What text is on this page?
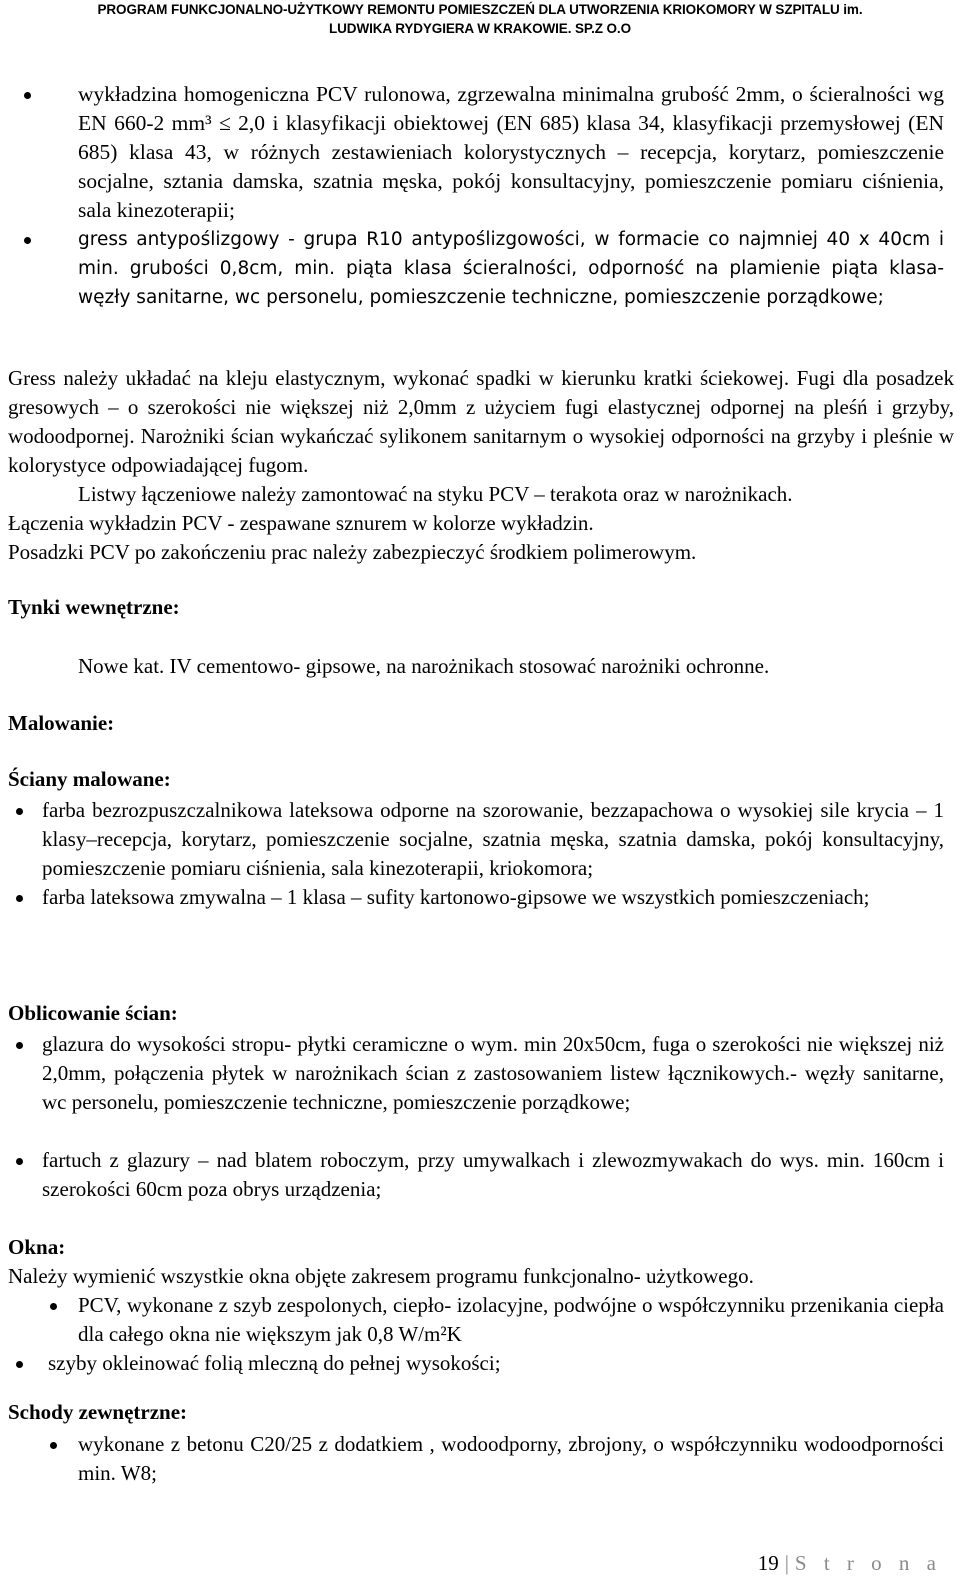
PROGRAM FUNKCJONALNO-UŻYTKOWY REMONTU POMIESZCZEŃ DLA UTWORZENIA KRIOKOMORY W SZPITALU im.
LUDWIKA RYDYGIERA W KRAKOWIE. SP.Z O.O
wykładzina homogeniczna PCV rulonowa, zgrzewalna minimalna grubość 2mm, o ścieralności wg EN 660-2 mm³ ≤ 2,0 i klasyfikacji obiektowej (EN 685) klasa 34, klasyfikacji przemysłowej (EN 685) klasa 43, w różnych zestawieniach kolorystycznych – recepcja, korytarz, pomieszczenie socjalne, sztania damska, szatnia męska, pokój konsultacyjny, pomieszczenie pomiaru ciśnienia, sala kinezoterapii;
gress antypoślizgowy - grupa R10 antypoślizgowości, w formacie co najmniej 40 x 40cm i min. grubości 0,8cm, min. piąta klasa ścieralności, odporność na plamienie piąta klasa- węzły sanitarne, wc personelu, pomieszczenie techniczne, pomieszczenie porządkowe;

Gress należy układać na kleju elastycznym, wykonać spadki w kierunku kratki ściekowej. Fugi dla posadzek gresowych – o szerokości nie większej niż 2,0mm z użyciem fugi elastycznej odpornej na pleśń i grzyby, wodoodpornej. Narożniki ścian wykańczać sylikonem sanitarnym o wysokiej odporności na grzyby i pleśnie w kolorystyce odpowiadającej fugom.

Listwy łączeniowe należy zamontować na styku PCV – terakota oraz w narożnikach.

Łączenia wykładzin PCV - zespawane sznurem w kolorze wykładzin.

Posadzki PCV po zakończeniu prac należy zabezpieczyć środkiem polimerowym.

Tynki wewnętrzne:
Nowe kat. IV cementowo- gipsowe, na narożnikach stosować narożniki ochronne.
Malowanie:
Ściany malowane:
farba bezrozpuszczalnikowa lateksowa odporne na szorowanie, bezzapachowa o wysokiej sile krycia – 1 klasy–recepcja, korytarz, pomieszczenie socjalne, szatnia męska, szatnia damska, pokój konsultacyjny, pomieszczenie pomiaru ciśnienia, sala kinezoterapii, kriokomora;
farba lateksowa zmywalna – 1 klasa – sufity kartonowo-gipsowe we wszystkich pomieszczeniach;
Oblicowanie ścian:
glazura do wysokości stropu- płytki ceramiczne o wym. min 20x50cm, fuga o szerokości nie większej niż 2,0mm, połączenia płytek w narożnikach ścian z zastosowaniem listew łącznikowych.- węzły sanitarne, wc personelu, pomieszczenie techniczne, pomieszczenie porządkowe;
fartuch z glazury – nad blatem roboczym, przy umywalkach i zlewozmywakach do wys. min. 160cm i szerokości 60cm poza obrys urządzenia;
Okna:
Należy wymienić wszystkie okna objęte zakresem programu funkcjonalno- użytkowego.
PCV, wykonane z szyb zespolonych, ciepło- izolacyjne, podwójne o współczynniku przenikania ciepła dla całego okna nie większym jak 0,8 W/m²K
szyby okleinować folią mleczną do pełnej wysokości;
Schody zewnętrzne:
wykonane z betonu C20/25 z dodatkiem , wodoodporny, zbrojony, o współczynniku wodoodporności min. W8;
19 | S t r o n a
